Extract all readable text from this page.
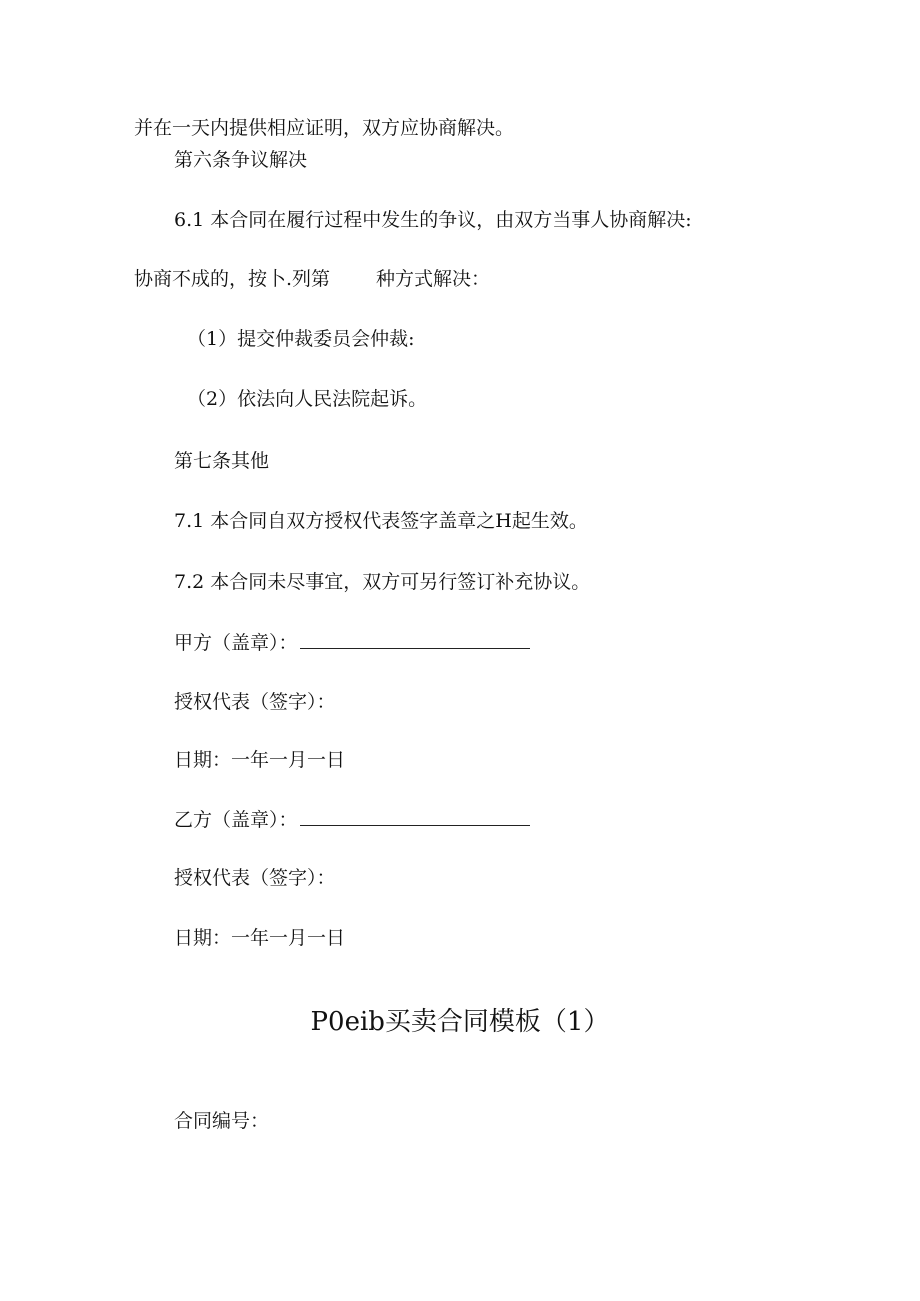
并在一天内提供相应证明，双方应协商解决。
第六条争议解决
6.1 本合同在履行过程中发生的争议，由双方当事人协商解决:
协商不成的，按卜.列第 种方式解决：
（1）提交仲裁委员会仲裁:
（2）依法向人民法院起诉。
第七条其他
7.1 本合同自双方授权代表签字盖章之H起生效。
7.2 本合同未尽事宜，双方可另行签订补充协议。
甲方（盖章）：
授权代表（签字）：
日期：一年一月一日
乙方（盖章）：
授权代表（签字）：
日期：一年一月一日
P0eib买卖合同模板（1）
合同编号：
